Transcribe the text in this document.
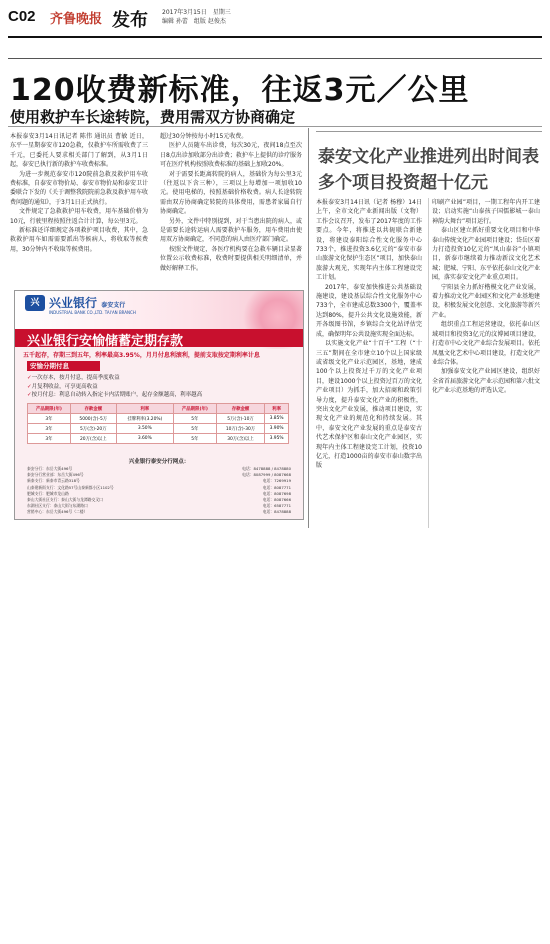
C02 齐鲁晚报 发布 2017年3月15日　星期三
编辑 孙蕾　组版 赵俊杰
120收费新标准，往返3元／公里
使用救护车长途转院，费用需双方协商确定

本报泰安3月14日讯记者 陈伟 通讯员 曹敏 近日，东平一星期泰安市120急救，仅救护车所需收费了三千元，已委托人要求相关部门了解到，从3月1日起，泰安已执行新的救护车收费标准。

为进一步规范泰安市120院前急救及救护用车收费标准，自泰安市物价局、泰安市物价局和泰安卫计委联合下发的《关于调整我院院前急救及救护用车收费问题的通知》，于3月1日正式执行。

文件规定了急救救护用车收费，用车基础价格为10元，行驶里程按照往返合计计算，每公里3元。

新标准还详细规定各项救护项目收费，其中，急救救护用车如需需要派出等候病人，将收取等候费用，30分钟内不收取等候费用。

超过30分钟按每小时15元收费。

医护人员随车出诊费，每次30元，夜间18点至次日8点出诊加收部分出诊费；救护车上提供的诊疗服务可在医疗机构按照收费标准的基础上加收20%。

对于需要长距离转院的病人，基础价为每公里3元（往返以下含三种），三项以上每增加一项加收10元。使用电梯的，按照基础价格收费。病人长途转院需由双方协商确定转院的具体费用，需患者家属自行协商确定。

另外，文件中特别提到，对于当患出院的病人，或是需要长途转运病人需要救护车服务，用车费用由使用双方协商确定，不同意的病人由医疗部门确定。

按照文件规定，各医疗机构要在急救车辆目录显著位置公示收费标准，收费时要提供相关明细清单，并做好解释工作。

兴 兴业银行 泰安支行
INDUSTRIAL BANK CO.,LTD. TAI'AN BRANCH
兴业银行安愉储蓄定期存款
五千起存，存期三到五年，利率最高3.95%，月月付息利滚利，提前支取按定期利率计息
安愉分期付息
✓一次存本，按月付息，提高季度收益
✓月复利收益，可享更高收益
✓按月付息：利息自动转入指定卡内活期账户，起存金额越高，利率越高
产品期限(年)	存款金额	利率	产品期限(年)	存款金额	利率
3年	5000(含)-5万	挂牌利率(3.20%)	5年	5万(含)-10万	3.85%
3年	5万(含)-20万	3.50%	5年	10万(含)-30万	3.90%
3年	20万(含)以上	3.60%	5年	30万(含)以上	3.95%
兴业银行泰安分行网点：
泰安分行：东岳大街496号	电话：8478888 / 8478880
泰安分行营业部：东岳大街496号	电话：8087999 / 8087668
新泰支行：新泰市青云路318号	电话：7269919
山泰建新街支行：文化路57号山泰新都小区1102号	电话：8087771
肥城支行：肥城市龙山路	电话：8087698
泰山大街社区支行：泰山大街与龙潭路交叉口	电话：8087666
东湖社区支行：泰山大街与东湖路口	电话：6587771
营销中心：东岳大街496号（二楼）	电话：8478888
泰安文化产业推进列出时间表
多个项目投资超十亿元

本报泰安3月14日讯（记者 杨穆）14日上午，全市文化产业新闻出版（文物）工作会议召开，发布了2017年度的工作要点。今年，将推进以共轭联合新建设，将建设泰阳综合性文化服务中心733个，推进投资3.6亿元的“泰安市泰山旅游文化保护生态区”项目，加快泰山旅游大观光，实现年内主体工程建设完工计划。

2017年，泰安加快推进公共基础设施建设，建设基层综合性文化服务中心733个，全市建成总数3300个，覆盖率达到80%，提升公共文化设施效能，新开各级图书馆，乡镇综合文化站评估完成，确保明年公共设施实现全面达标。

以实施文化产业“十百千”工程（“十三五”期间在全市建立10个以上国家级或省级文化产业示范园区，基地，建成100个以上投资过千万的文化产业项目，建设1000个以上投资过百万的文化产业项目）为抓手，加大招商和政策引导力度，提升泰安文化产业的积极性，突出文化产业发展，推动项目建设，实现文化产业的规范化和持续发展。其中，泰安文化产业发展的重点是泰安古代艺术保护区和泰山文化产业园区，实现年内主体工程建设完工计划，投资10亿元，打造1000亩的泰安市泰山数字出版

印刷产业园”项目，一期工程年内开工建设；启动实施“山泰孩子国儒影城一泰山神韵大舞台”项目运行。

泰山区建立抓好重要文化项目和中华泰山传统文化产业园项目建设；岱岳区着力打造投资10亿元的“凤山泰谷”小镇项目，新泰市继续着力推动新汶文化艺术城；肥城、宁阳、东平依托泰山文化产业园，落实泰安文化产业重点项目。

宁阳县全力抓好楷模文化产业发展，着力推动文化产业园区和文化产业基地建设，积极发展文化创意、文化旅游等新兴产业。

组织重点工程运营建设，依托泰山区域项目和投资3亿元的汶博园项目建设，打造市中心文化产业综合发展项目。依托凤凰文化艺术中心项目建设，打造文化产业综合体。

加强泰安文化产业园区建设，组织好全省首届旅游文化产业示范园和第六批文化产业示范基地的评选认定。
